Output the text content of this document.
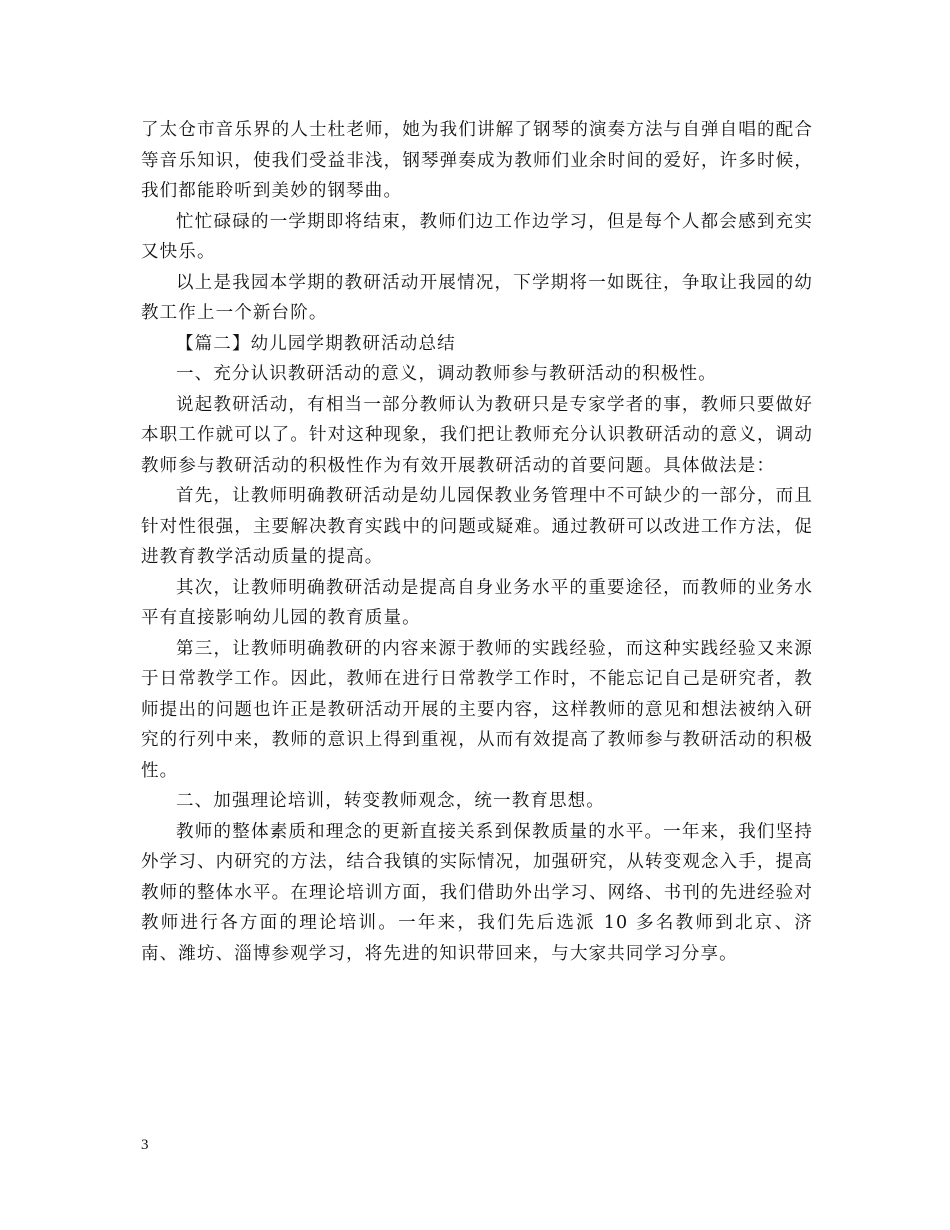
了太仓市音乐界的人士杜老师，她为我们讲解了钢琴的演奏方法与自弹自唱的配合等音乐知识，使我们受益非浅，钢琴弹奏成为教师们业余时间的爱好，许多时候，我们都能聆听到美妙的钢琴曲。

忙忙碌碌的一学期即将结束，教师们边工作边学习，但是每个人都会感到充实又快乐。

以上是我园本学期的教研活动开展情况，下学期将一如既往，争取让我园的幼教工作上一个新台阶。

【篇二】幼儿园学期教研活动总结

一、充分认识教研活动的意义，调动教师参与教研活动的积极性。

说起教研活动，有相当一部分教师认为教研只是专家学者的事，教师只要做好本职工作就可以了。针对这种现象，我们把让教师充分认识教研活动的意义，调动教师参与教研活动的积极性作为有效开展教研活动的首要问题。具体做法是：

首先，让教师明确教研活动是幼儿园保教业务管理中不可缺少的一部分，而且针对性很强，主要解决教育实践中的问题或疑难。通过教研可以改进工作方法，促进教育教学活动质量的提高。

其次，让教师明确教研活动是提高自身业务水平的重要途径，而教师的业务水平有直接影响幼儿园的教育质量。

第三，让教师明确教研的内容来源于教师的实践经验，而这种实践经验又来源于日常教学工作。因此，教师在进行日常教学工作时，不能忘记自己是研究者，教师提出的问题也许正是教研活动开展的主要内容，这样教师的意见和想法被纳入研究的行列中来，教师的意识上得到重视，从而有效提高了教师参与教研活动的积极性。

二、加强理论培训，转变教师观念，统一教育思想。

教师的整体素质和理念的更新直接关系到保教质量的水平。一年来，我们坚持外学习、内研究的方法，结合我镇的实际情况，加强研究，从转变观念入手，提高教师的整体水平。在理论培训方面，我们借助外出学习、网络、书刊的先进经验对教师进行各方面的理论培训。一年来，我们先后选派 10 多名教师到北京、济南、潍坊、淄博参观学习，将先进的知识带回来，与大家共同学习分享。

3
